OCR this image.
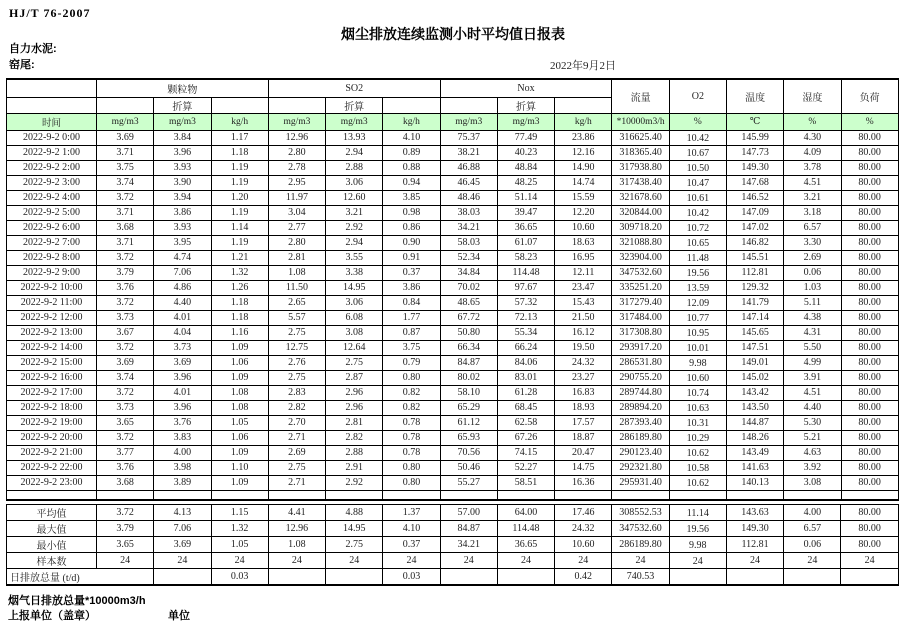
HJ/T 76-2007
烟尘排放连续监测小时平均值日报表
自力水泥:
窑尾:	2022年9月2日
	颗粒物			SO2			Nox			流量	O2	温度	湿度	负荷
		折算			折算			折算						
时间	mg/m3	mg/m3	kg/h	mg/m3	mg/m3	kg/h	mg/m3	mg/m3	kg/h	*10000m3/h	%	℃	%	%
2022-9-2 0:00	3.69	3.84	1.17	12.96	13.93	4.10	75.37	77.49	23.86	316625.40	10.42	145.99	4.30	80.00
2022-9-2 1:00	3.71	3.96	1.18	2.80	2.94	0.89	38.21	40.23	12.16	318365.40	10.67	147.73	4.09	80.00
2022-9-2 2:00	3.75	3.93	1.19	2.78	2.88	0.88	46.88	48.84	14.90	317938.80	10.50	149.30	3.78	80.00
2022-9-2 3:00	3.74	3.90	1.19	2.95	3.06	0.94	46.45	48.25	14.74	317438.40	10.47	147.68	4.51	80.00
2022-9-2 4:00	3.72	3.94	1.20	11.97	12.60	3.85	48.46	51.14	15.59	321678.60	10.61	146.52	3.21	80.00
2022-9-2 5:00	3.71	3.86	1.19	3.04	3.21	0.98	38.03	39.47	12.20	320844.00	10.42	147.09	3.18	80.00
2022-9-2 6:00	3.68	3.93	1.14	2.77	2.92	0.86	34.21	36.65	10.60	309718.20	10.72	147.02	6.57	80.00
2022-9-2 7:00	3.71	3.95	1.19	2.80	2.94	0.90	58.03	61.07	18.63	321088.80	10.65	146.82	3.30	80.00
2022-9-2 8:00	3.72	4.74	1.21	2.81	3.55	0.91	52.34	58.23	16.95	323904.00	11.48	145.51	2.69	80.00
2022-9-2 9:00	3.79	7.06	1.32	1.08	3.38	0.37	34.84	114.48	12.11	347532.60	19.56	112.81	0.06	80.00
2022-9-2 10:00	3.76	4.86	1.26	11.50	14.95	3.86	70.02	97.67	23.47	335251.20	13.59	129.32	1.03	80.00
2022-9-2 11:00	3.72	4.40	1.18	2.65	3.06	0.84	48.65	57.32	15.43	317279.40	12.09	141.79	5.11	80.00
2022-9-2 12:00	3.73	4.01	1.18	5.57	6.08	1.77	67.72	72.13	21.50	317484.00	10.77	147.14	4.38	80.00
2022-9-2 13:00	3.67	4.04	1.16	2.75	3.08	0.87	50.80	55.34	16.12	317308.80	10.95	145.65	4.31	80.00
2022-9-2 14:00	3.72	3.73	1.09	12.75	12.64	3.75	66.34	66.24	19.50	293917.20	10.01	147.51	5.50	80.00
2022-9-2 15:00	3.69	3.69	1.06	2.76	2.75	0.79	84.87	84.06	24.32	286531.80	9.98	149.01	4.99	80.00
2022-9-2 16:00	3.74	3.96	1.09	2.75	2.87	0.80	80.02	83.01	23.27	290755.20	10.60	145.02	3.91	80.00
2022-9-2 17:00	3.72	4.01	1.08	2.83	2.96	0.82	58.10	61.28	16.83	289744.80	10.74	143.42	4.51	80.00
2022-9-2 18:00	3.73	3.96	1.08	2.82	2.96	0.82	65.29	68.45	18.93	289894.20	10.63	143.50	4.40	80.00
2022-9-2 19:00	3.65	3.76	1.05	2.70	2.81	0.78	61.12	62.58	17.57	287393.40	10.31	144.87	5.30	80.00
2022-9-2 20:00	3.72	3.83	1.06	2.71	2.82	0.78	65.93	67.26	18.87	286189.80	10.29	148.26	5.21	80.00
2022-9-2 21:00	3.77	4.00	1.09	2.69	2.88	0.78	70.56	74.15	20.47	290123.40	10.62	143.49	4.63	80.00
2022-9-2 22:00	3.76	3.98	1.10	2.75	2.91	0.80	50.46	52.27	14.75	292321.80	10.58	141.63	3.92	80.00
2022-9-2 23:00	3.68	3.89	1.09	2.71	2.92	0.80	55.27	58.51	16.36	295931.40	10.62	140.13	3.08	80.00

平均值	3.72	4.13	1.15	4.41	4.88	1.37	57.00	64.00	17.46	308552.53	11.14	143.63	4.00	80.00
最大值	3.79	7.06	1.32	12.96	14.95	4.10	84.87	114.48	24.32	347532.60	19.56	149.30	6.57	80.00
最小值	3.65	3.69	1.05	1.08	2.75	0.37	34.21	36.65	10.60	286189.80	9.98	112.81	0.06	80.00
样本数	24	24	24	24	24	24	24	24	24	24	24	24	24	24
日排放总量 (t/d)			0.03			0.03			0.42	740.53				
烟气日排放总量*10000m3/h
上报单位（盖章）	单位
